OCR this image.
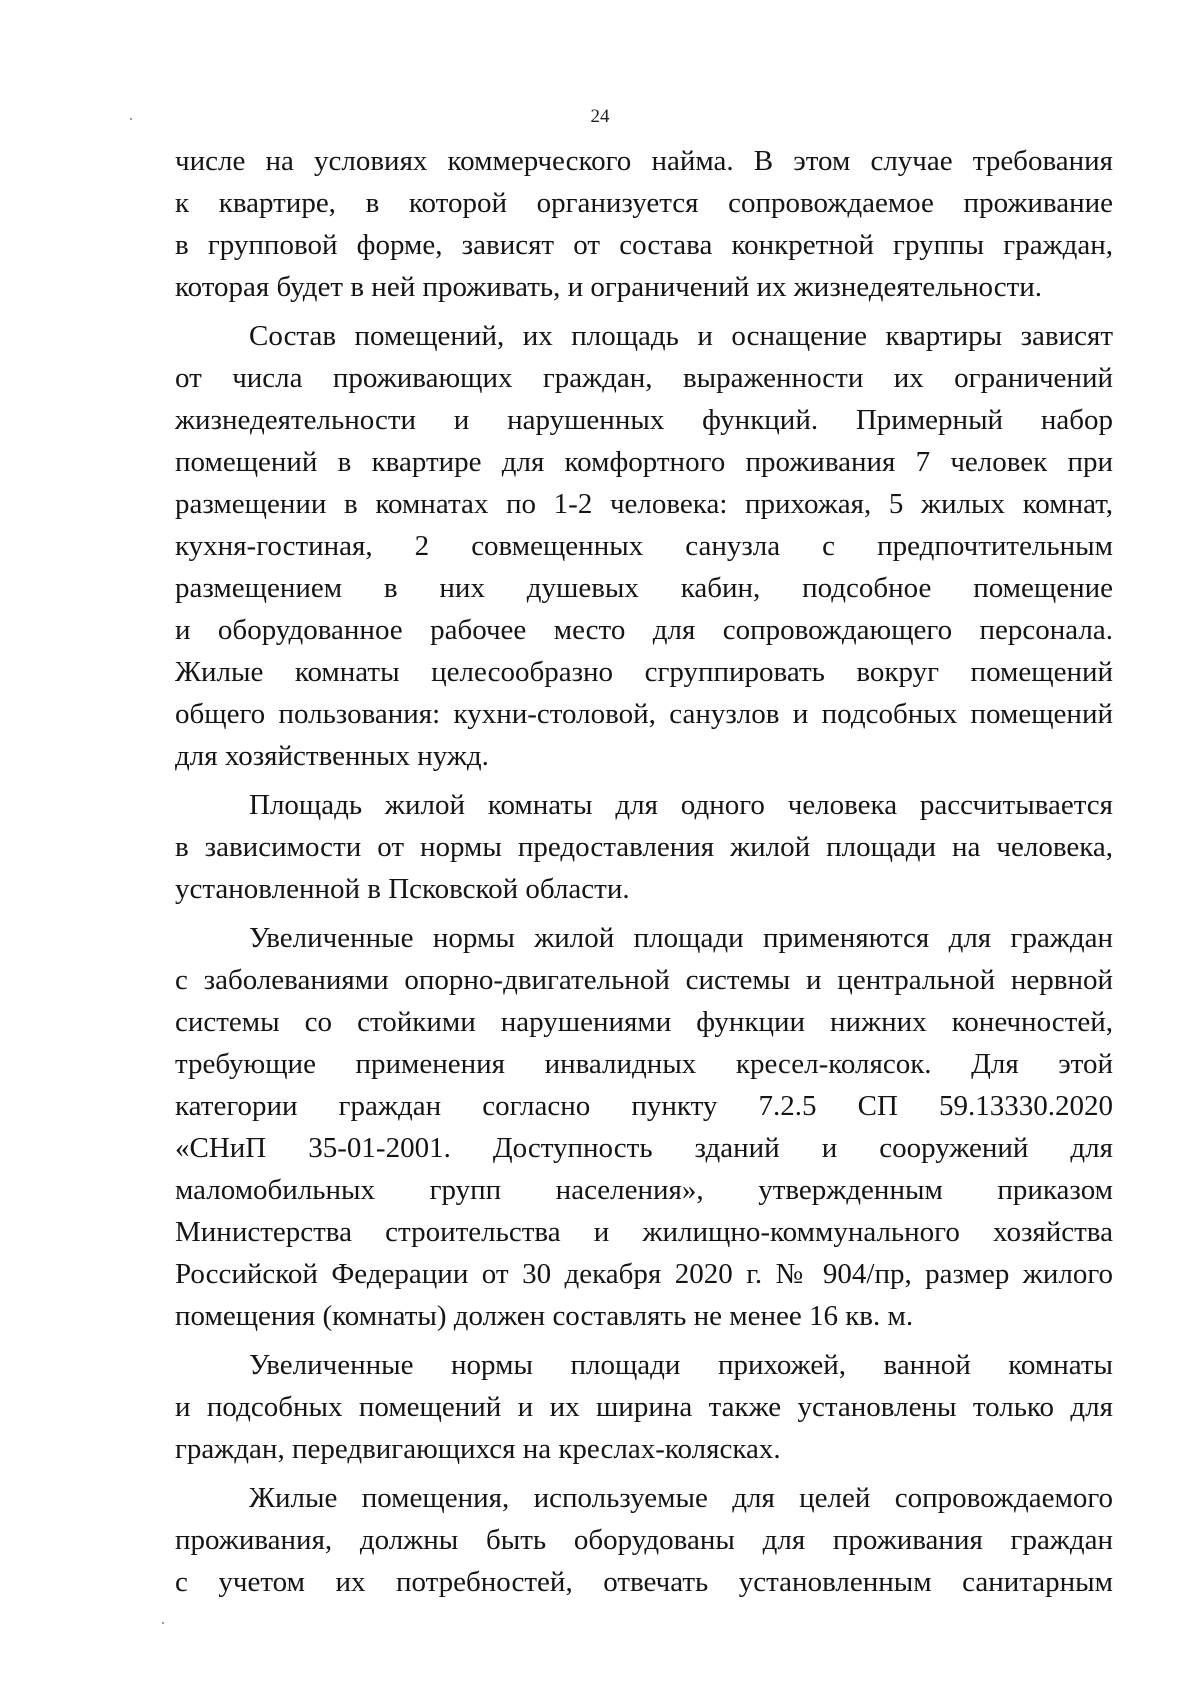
24

числе на условиях коммерческого найма. В этом случае требования
к квартире, в которой организуется сопровождаемое проживание
в групповой форме, зависят от состава конкретной группы граждан,
которая будет в ней проживать, и ограничений их жизнедеятельности.

Состав помещений, их площадь и оснащение квартиры зависят
от числа проживающих граждан, выраженности их ограничений
жизнедеятельности и нарушенных функций. Примерный набор
помещений в квартире для комфортного проживания 7 человек при
размещении в комнатах по 1-2 человека: прихожая, 5 жилых комнат,
кухня-гостиная, 2 совмещенных санузла с предпочтительным
размещением в них душевых кабин, подсобное помещение
и оборудованное рабочее место для сопровождающего персонала.
Жилые комнаты целесообразно сгруппировать вокруг помещений
общего пользования: кухни-столовой, санузлов и подсобных помещений
для хозяйственных нужд.

Площадь жилой комнаты для одного человека рассчитывается
в зависимости от нормы предоставления жилой площади на человека,
установленной в Псковской области.

Увеличенные нормы жилой площади применяются для граждан
с заболеваниями опорно-двигательной системы и центральной нервной
системы со стойкими нарушениями функции нижних конечностей,
требующие применения инвалидных кресел-колясок. Для этой
категории граждан согласно пункту 7.2.5 СП 59.13330.2020
«СНиП 35-01-2001. Доступность зданий и сооружений для
маломобильных групп населения», утвержденным приказом
Министерства строительства и жилищно-коммунального хозяйства
Российской Федерации от 30 декабря 2020 г. № 904/пр, размер жилого
помещения (комнаты) должен составлять не менее 16 кв. м.

Увеличенные нормы площади прихожей, ванной комнаты
и подсобных помещений и их ширина также установлены только для
граждан, передвигающихся на креслах-колясках.

Жилые помещения, используемые для целей сопровождаемого
проживания, должны быть оборудованы для проживания граждан
с учетом их потребностей, отвечать установленным санитарным
